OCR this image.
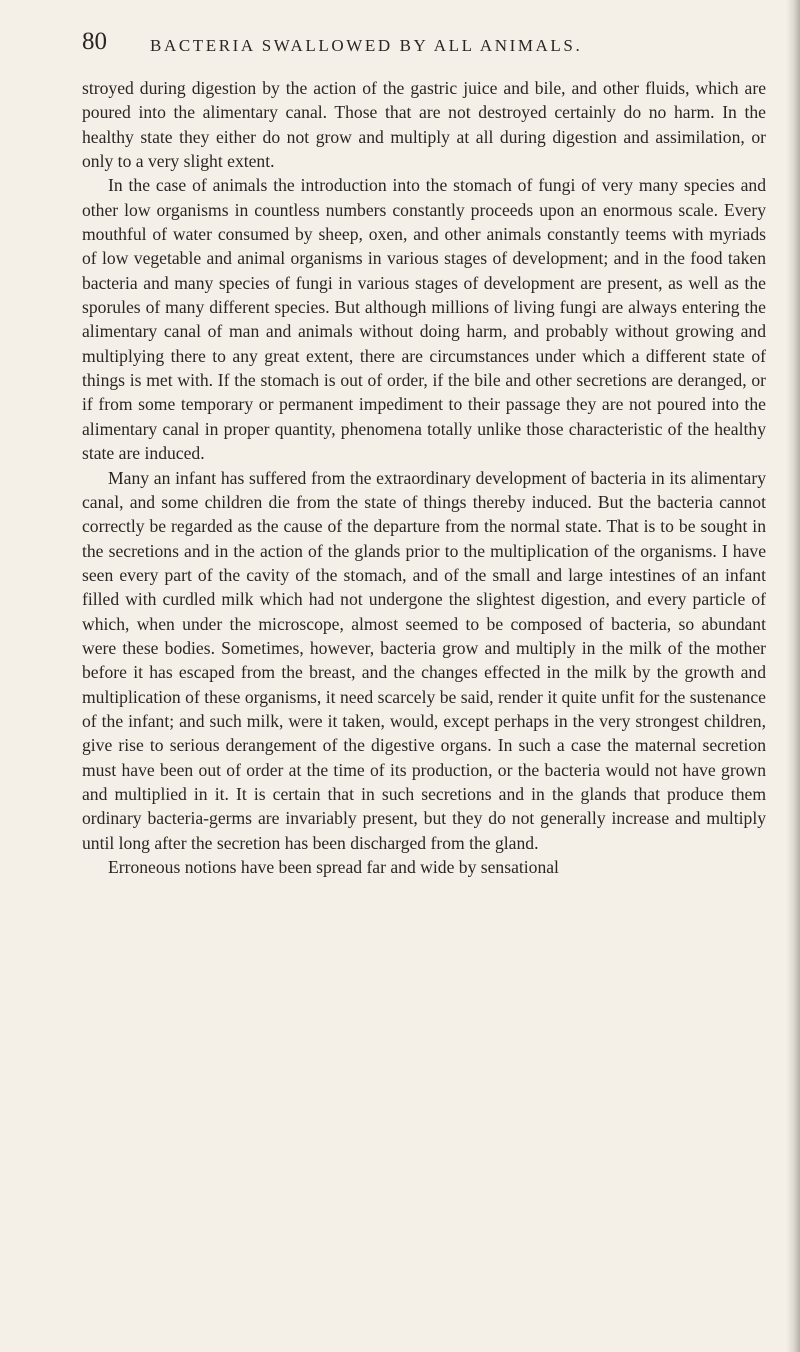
80	BACTERIA SWALLOWED BY ALL ANIMALS.

stroyed during digestion by the action of the gastric juice and bile, and other fluids, which are poured into the alimentary canal. Those that are not destroyed certainly do no harm. In the healthy state they either do not grow and multiply at all during digestion and assimilation, or only to a very slight extent.

In the case of animals the introduction into the stomach of fungi of very many species and other low organisms in countless numbers constantly proceeds upon an enormous scale. Every mouthful of water consumed by sheep, oxen, and other animals constantly teems with myriads of low vegetable and animal organisms in various stages of development; and in the food taken bacteria and many species of fungi in various stages of development are present, as well as the sporules of many different species. But although millions of living fungi are always entering the alimentary canal of man and animals without doing harm, and probably without growing and multiplying there to any great extent, there are circumstances under which a different state of things is met with. If the stomach is out of order, if the bile and other secretions are deranged, or if from some temporary or permanent impediment to their passage they are not poured into the alimentary canal in proper quantity, phenomena totally unlike those characteristic of the healthy state are induced.

Many an infant has suffered from the extraordinary development of bacteria in its alimentary canal, and some children die from the state of things thereby induced. But the bacteria cannot correctly be regarded as the cause of the departure from the normal state. That is to be sought in the secretions and in the action of the glands prior to the multiplication of the organisms. I have seen every part of the cavity of the stomach, and of the small and large intestines of an infant filled with curdled milk which had not undergone the slightest digestion, and every particle of which, when under the microscope, almost seemed to be composed of bacteria, so abundant were these bodies. Sometimes, however, bacteria grow and multiply in the milk of the mother before it has escaped from the breast, and the changes effected in the milk by the growth and multiplication of these organisms, it need scarcely be said, render it quite unfit for the sustenance of the infant; and such milk, were it taken, would, except perhaps in the very strongest children, give rise to serious derangement of the digestive organs. In such a case the maternal secretion must have been out of order at the time of its production, or the bacteria would not have grown and multiplied in it. It is certain that in such secretions and in the glands that produce them ordinary bacteria-germs are invariably present, but they do not generally increase and multiply until long after the secretion has been discharged from the gland.

Erroneous notions have been spread far and wide by sensational
